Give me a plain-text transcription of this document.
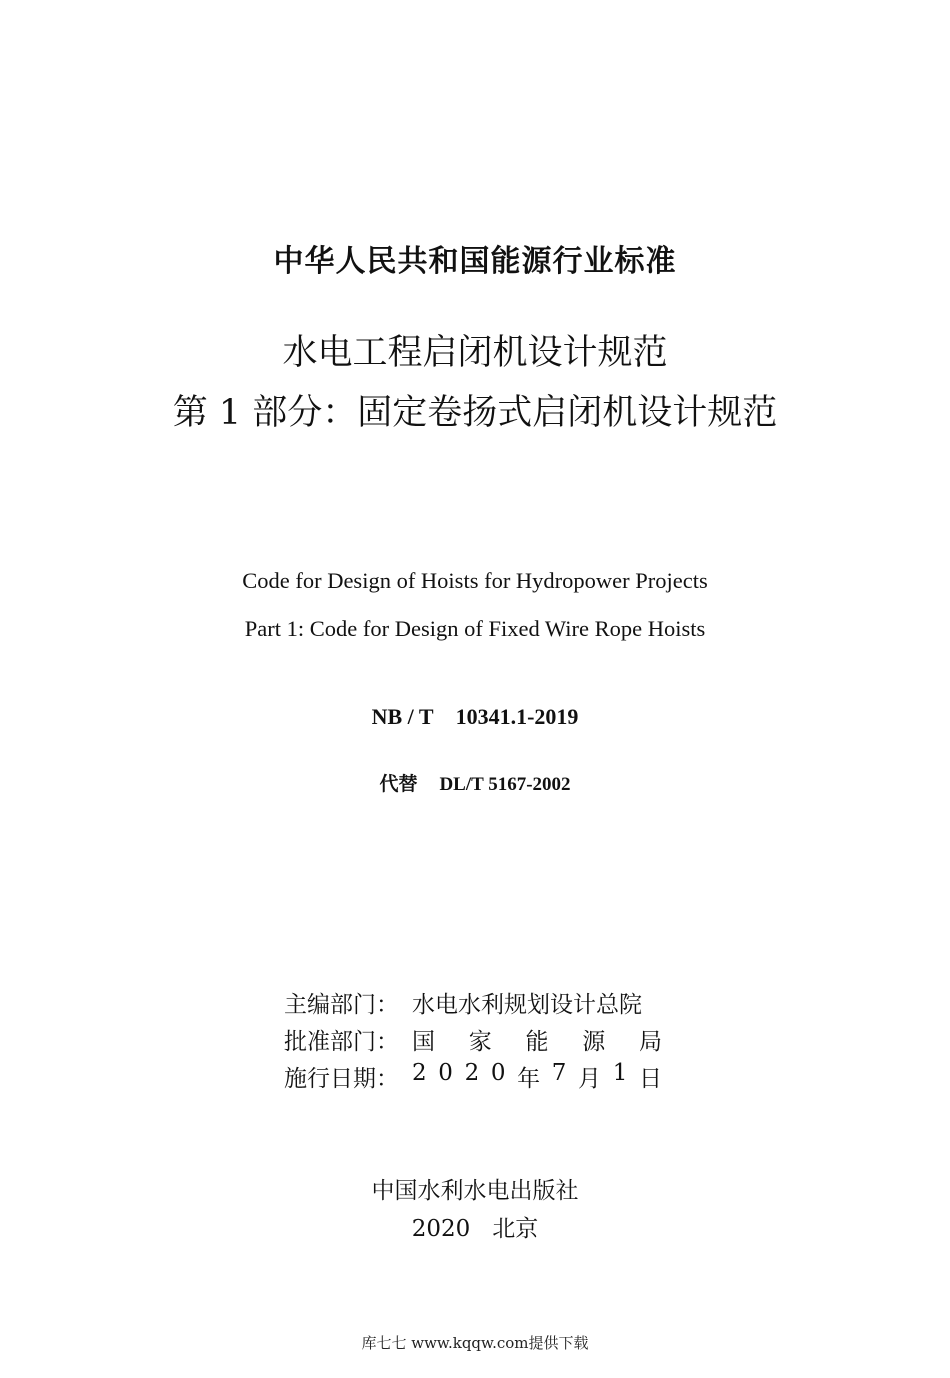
中华人民共和国能源行业标准
水电工程启闭机设计规范
第 1 部分：固定卷扬式启闭机设计规范
Code for Design of Hoists for Hydropower Projects
Part 1: Code for Design of Fixed Wire Rope Hoists
NB / T 10341.1-2019
代替 DL/T 5167-2002
主编部门： 水电水利规划设计总院
批准部门： 国 家 能 源 局
施行日期： 2 0 2 0 年 7 月 1 日
中国水利水电出版社
2020 北京
库七七 www.kqqw.com提供下载
